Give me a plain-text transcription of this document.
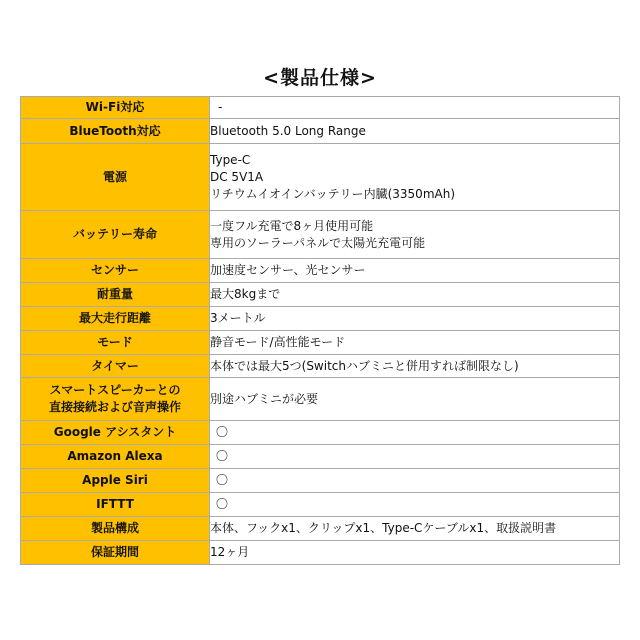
<製品仕様>
Wi-Fi対応	-

BlueTooth対応	Bluetooth 5.0 Long Range

電源	Type-C
DC 5V1A
リチウムイオインバッテリー内臓(3350mAh)

バッテリー寿命	一度フル充電で8ヶ月使用可能
専用のソーラーパネルで太陽光充電可能

センサー	加速度センサー、光センサー

耐重量	最大8kgまで

最大走行距離	3メートル

モード	静音モード/高性能モード

タイマー	本体では最大5つ(Switchハブミニと併用すれば制限なし)

スマートスピーカーとの
直接接続および音声操作	別途ハブミニが必要

Google アシスタント	〇

Amazon Alexa	〇

Apple Siri	〇

IFTTT	〇

製品構成	本体、フックx1、クリップx1、Type-Cケーブルx1、取扱説明書

保証期間	12ヶ月
